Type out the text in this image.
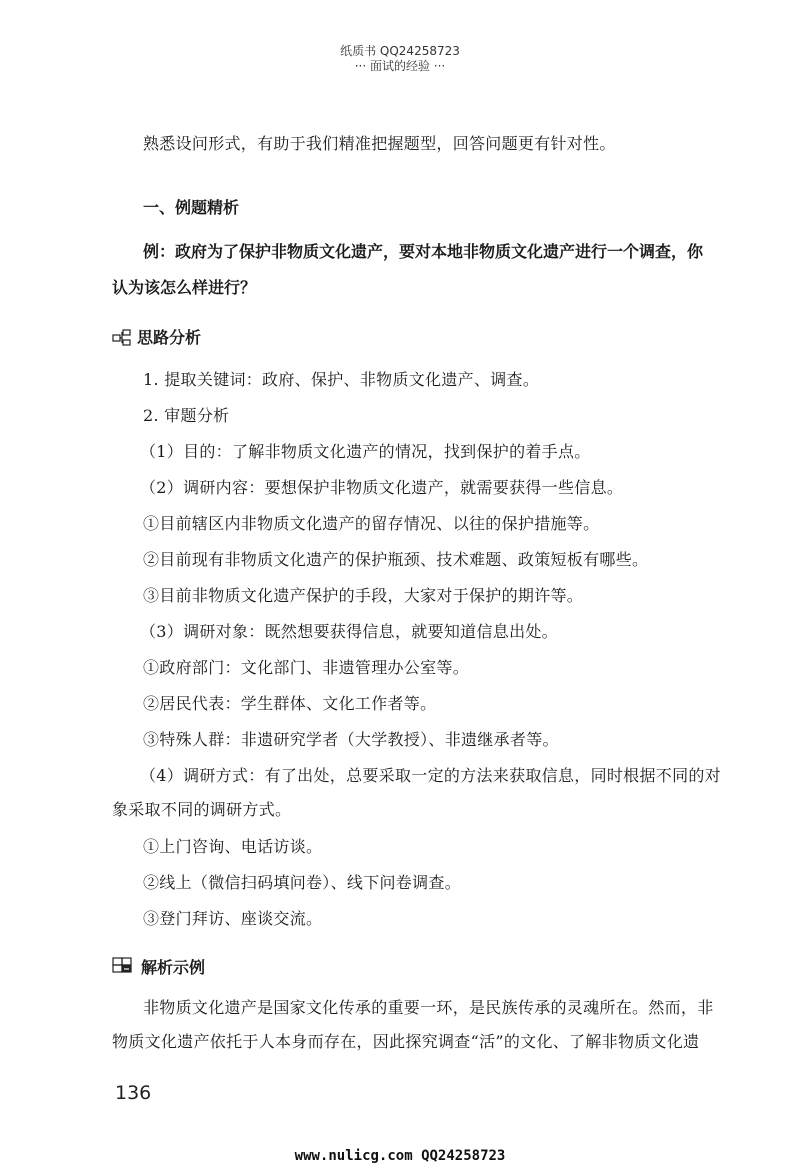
纸质书 QQ24258723
··· 面试的经验 ···
熟悉设问形式，有助于我们精准把握题型，回答问题更有针对性。
一、例题精析
例：政府为了保护非物质文化遗产，要对本地非物质文化遗产进行一个调查，你
认为该怎么样进行？
思路分析
1. 提取关键词：政府、保护、非物质文化遗产、调查。
2. 审题分析
（1）目的：了解非物质文化遗产的情况，找到保护的着手点。
（2）调研内容：要想保护非物质文化遗产，就需要获得一些信息。
①目前辖区内非物质文化遗产的留存情况、以往的保护措施等。
②目前现有非物质文化遗产的保护瓶颈、技术难题、政策短板有哪些。
③目前非物质文化遗产保护的手段，大家对于保护的期许等。
（3）调研对象：既然想要获得信息，就要知道信息出处。
①政府部门：文化部门、非遗管理办公室等。
②居民代表：学生群体、文化工作者等。
③特殊人群：非遗研究学者（大学教授）、非遗继承者等。
（4）调研方式：有了出处，总要采取一定的方法来获取信息，同时根据不同的对
象采取不同的调研方式。
①上门咨询、电话访谈。
②线上（微信扫码填问卷）、线下问卷调查。
③登门拜访、座谈交流。
解析示例
非物质文化遗产是国家文化传承的重要一环，是民族传承的灵魂所在。然而，非
物质文化遗产依托于人本身而存在，因此探究调查“活”的文化、了解非物质文化遗
136
www.nulicg.com QQ24258723
